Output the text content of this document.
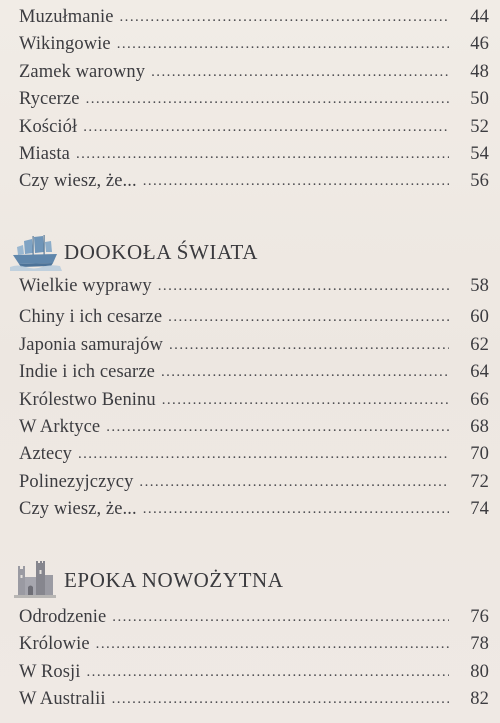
Muzułmanie .....	44
Wikingowie .....	46
Zamek warowny .....	48
Rycerze .....	50
Kościół .....	52
Miasta .....	54
Czy wiesz, że... .....	56
DOOKOŁA ŚWIATA
Wielkie wyprawy .....	58
Chiny i ich cesarze .....	60
Japonia samurajów .....	62
Indie i ich cesarze .....	64
Królestwo Beninu .....	66
W Arktyce .....	68
Aztecy .....	70
Polinezyjczycy .....	72
Czy wiesz, że... .....	74
EPOKA NOWOŻYTNA
Odrodzenie .....	76
Królowie .....	78
W Rosji .....	80
W Australii .....	82
